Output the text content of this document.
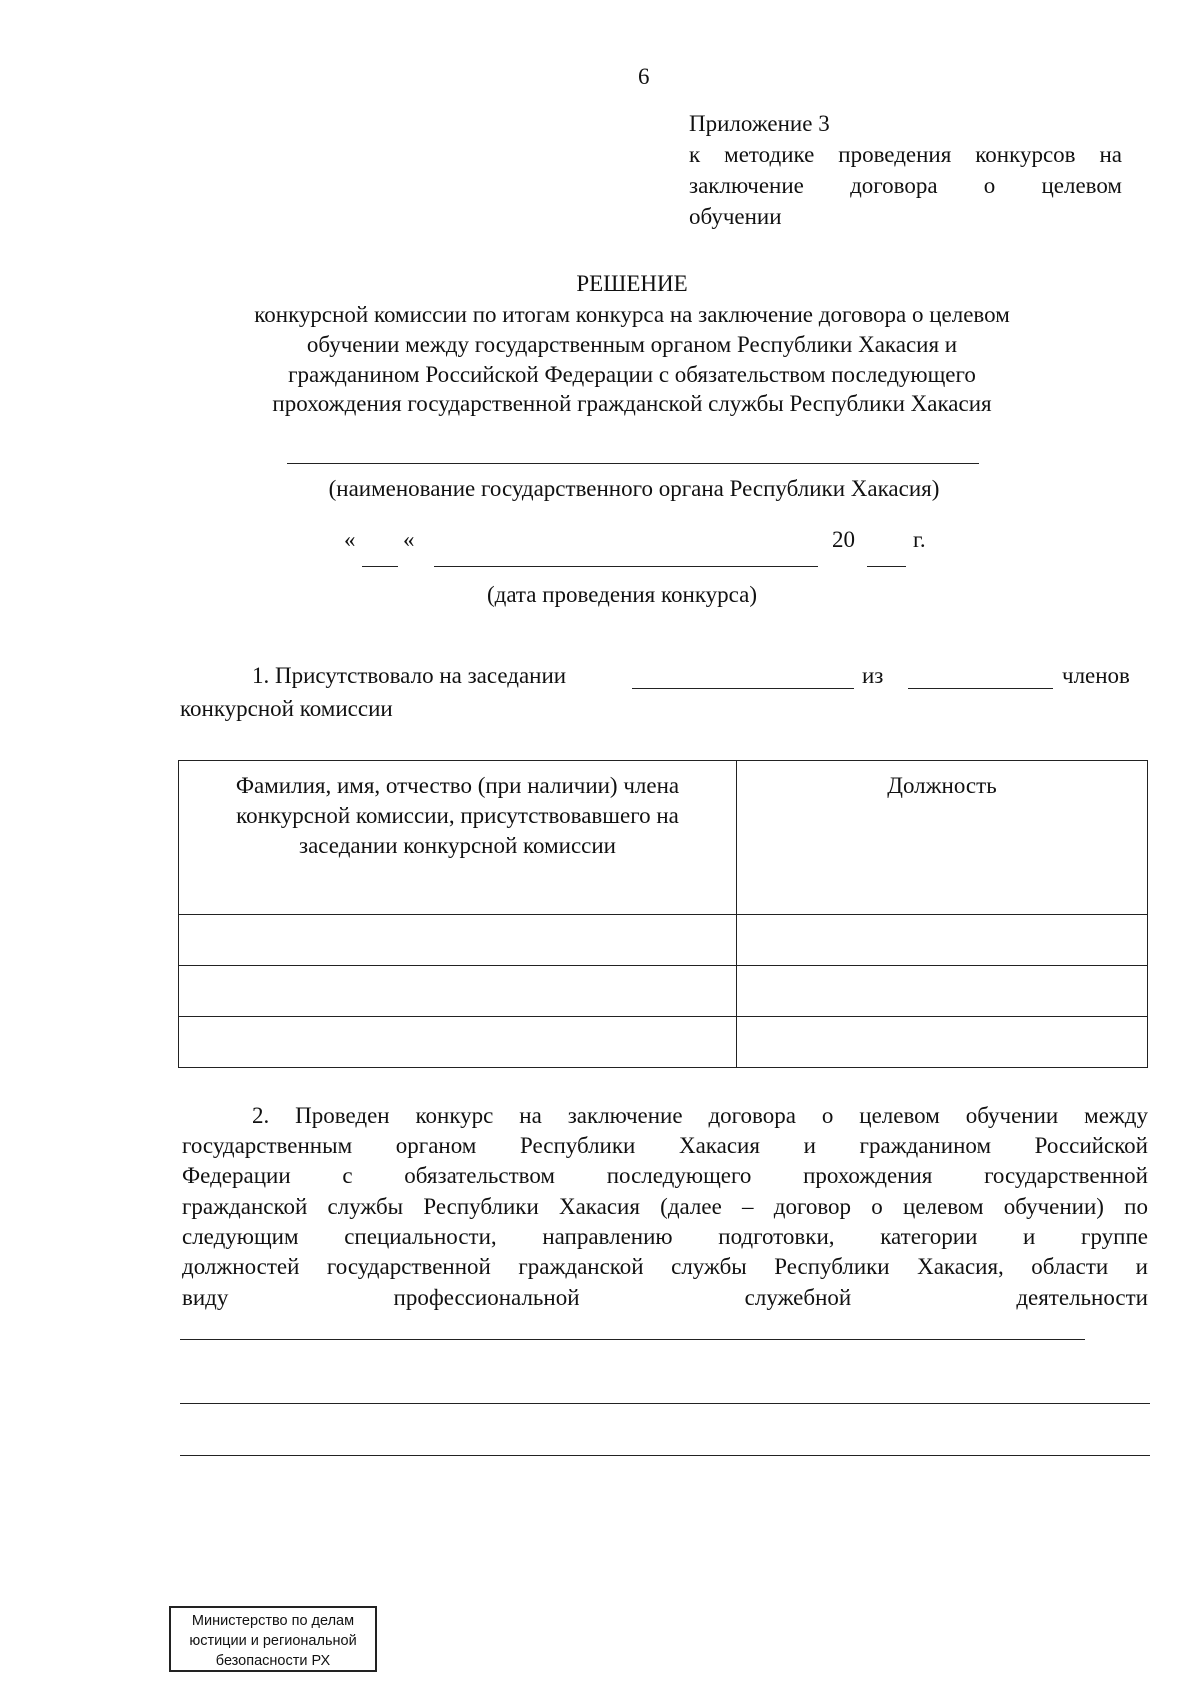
6
Приложение 3
к методике проведения конкурсов на
заключение договора о целевом
обучении
РЕШЕНИЕ
конкурсной комиссии по итогам конкурса на заключение договора о целевом
обучении между государственным органом Республики Хакасия и
гражданином Российской Федерации с обязательством последующего
прохождения государственной гражданской службы Республики Хакасия
(наименование государственного органа Республики Хакасия)
« «	20	г.
(дата проведения конкурса)
1. Присутствовало на заседании	из	членов
конкурсной комиссии
Фамилия, имя, отчество (при наличии) члена конкурсной комиссии, присутствовавшего на заседании конкурсной комиссии	Должность

2. Проведен конкурс на заключение договора о целевом обучении между
государственным органом Республики Хакасия и гражданином Российской
Федерации с обязательством последующего прохождения государственной
гражданской службы Республики Хакасия (далее – договор о целевом обучении) по
следующим специальности, направлению подготовки, категории и группе
должностей государственной гражданской службы Республики Хакасия, области и
виду профессиональной служебной деятельности
Министерство по делам
юстиции и региональной
безопасности РХ
